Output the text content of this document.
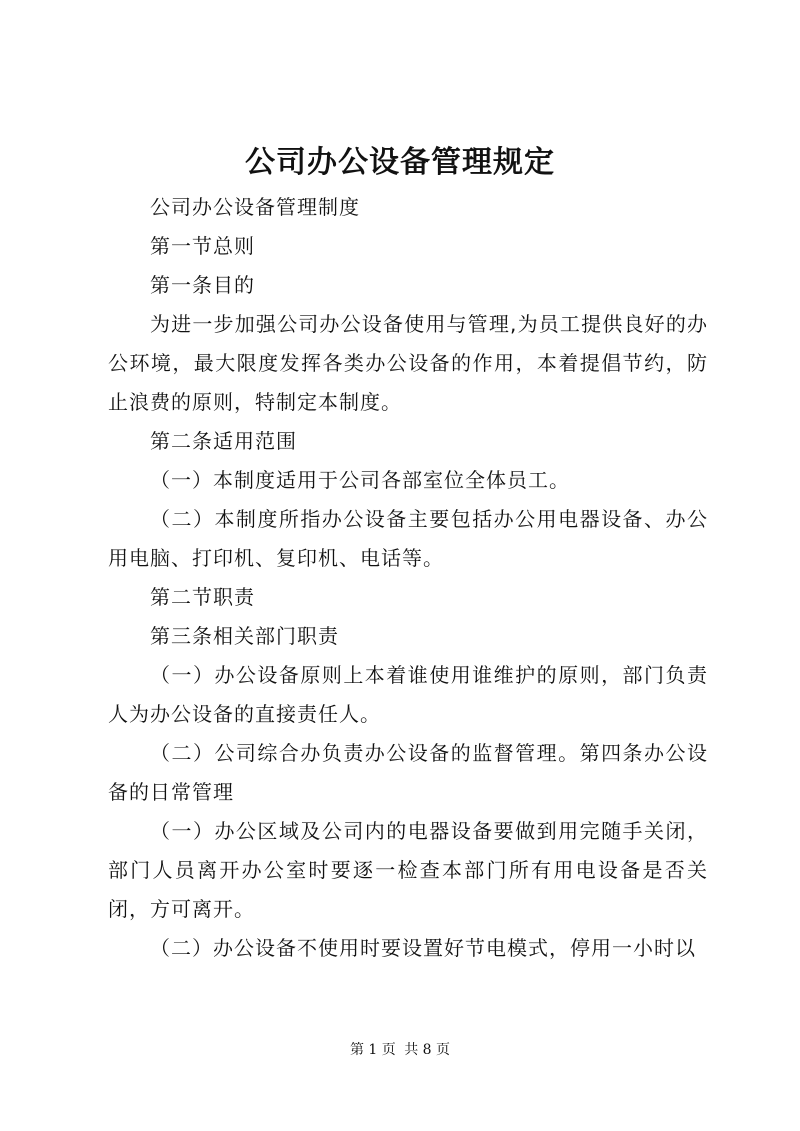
公司办公设备管理规定

公司办公设备管理制度

第一节总则

第一条目的

为进一步加强公司办公设备使用与管理,为员工提供良好的办公环境，最大限度发挥各类办公设备的作用，本着提倡节约，防止浪费的原则，特制定本制度。

第二条适用范围

（一）本制度适用于公司各部室位全体员工。

（二）本制度所指办公设备主要包括办公用电器设备、办公用电脑、打印机、复印机、电话等。

第二节职责

第三条相关部门职责

（一）办公设备原则上本着谁使用谁维护的原则，部门负责人为办公设备的直接责任人。

（二）公司综合办负责办公设备的监督管理。第四条办公设备的日常管理

（一）办公区域及公司内的电器设备要做到用完随手关闭，部门人员离开办公室时要逐一检查本部门所有用电设备是否关闭，方可离开。

（二）办公设备不使用时要设置好节电模式，停用一小时以

第 1 页 共 8 页
